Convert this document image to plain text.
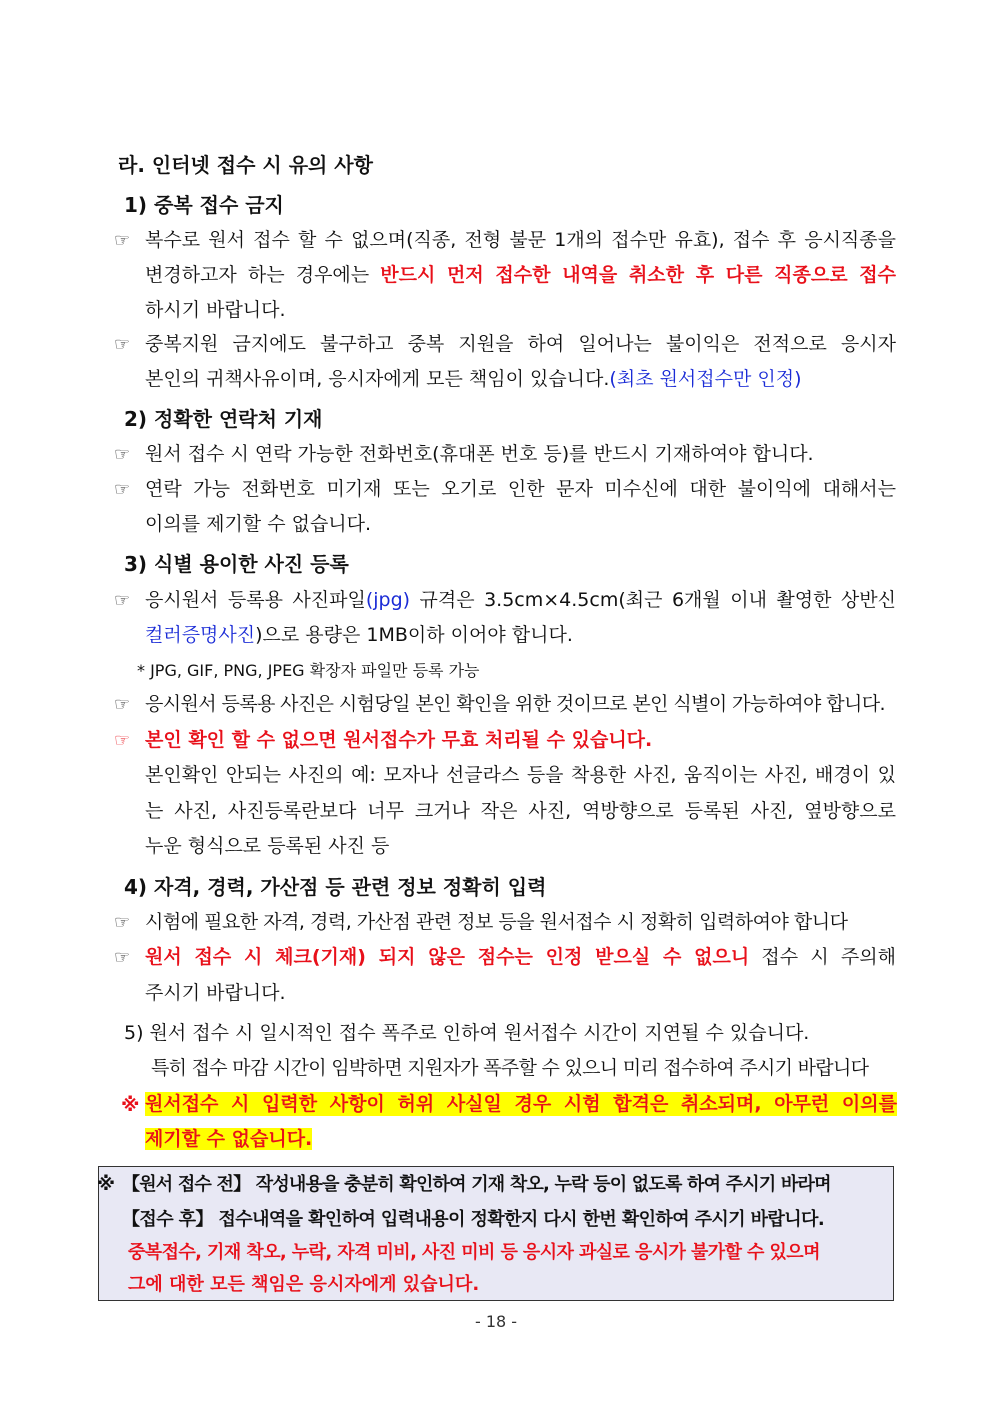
라. 인터넷 접수 시 유의 사항
1) 중복 접수 금지
☞ 복수로 원서 접수 할 수 없으며(직종, 전형 불문 1개의 접수만 유효), 접수 후 응시직종을
변경하고자 하는 경우에는 반드시 먼저 접수한 내역을 취소한 후 다른 직종으로 접수
하시기 바랍니다.
☞ 중복지원 금지에도 불구하고 중복 지원을 하여 일어나는 불이익은 전적으로 응시자
본인의 귀책사유이며, 응시자에게 모든 책임이 있습니다.(최초 원서접수만 인정)
2) 정확한 연락처 기재
☞ 원서 접수 시 연락 가능한 전화번호(휴대폰 번호 등)를 반드시 기재하여야 합니다.
☞ 연락 가능 전화번호 미기재 또는 오기로 인한 문자 미수신에 대한 불이익에 대해서는
이의를 제기할 수 없습니다.
3) 식별 용이한 사진 등록
☞ 응시원서 등록용 사진파일(jpg) 규격은 3.5cm×4.5cm(최근 6개월 이내 촬영한 상반신
컬러증명사진)으로 용량은 1MB이하 이어야 합니다.
* JPG, GIF, PNG, JPEG 확장자 파일만 등록 가능
☞ 응시원서 등록용 사진은 시험당일 본인 확인을 위한 것이므로 본인 식별이 가능하여야 합니다.
☞ 본인 확인 할 수 없으면 원서접수가 무효 처리될 수 있습니다.
본인확인 안되는 사진의 예: 모자나 선글라스 등을 착용한 사진, 움직이는 사진, 배경이 있
는 사진, 사진등록란보다 너무 크거나 작은 사진, 역방향으로 등록된 사진, 옆방향으로
누운 형식으로 등록된 사진 등
4) 자격, 경력, 가산점 등 관련 정보 정확히 입력
☞ 시험에 필요한 자격, 경력, 가산점 관련 정보 등을 원서접수 시 정확히 입력하여야 합니다
☞ 원서 접수 시 체크(기재) 되지 않은 점수는 인정 받으실 수 없으니 접수 시 주의해
주시기 바랍니다.
5) 원서 접수 시 일시적인 접수 폭주로 인하여 원서접수 시간이 지연될 수 있습니다.
특히 접수 마감 시간이 임박하면 지원자가 폭주할 수 있으니 미리 접수하여 주시기 바랍니다
※ 원서접수 시 입력한 사항이 허위 사실일 경우 시험 합격은 취소되며, 아무런 이의를
제기할 수 없습니다.
※ 【원서 접수 전】 작성내용을 충분히 확인하여 기재 착오, 누락 등이 없도록 하여 주시기 바라며
【접수 후】 접수내역을 확인하여 입력내용이 정확한지 다시 한번 확인하여 주시기 바랍니다.
중복접수, 기재 착오, 누락, 자격 미비, 사진 미비 등 응시자 과실로 응시가 불가할 수 있으며
그에 대한 모든 책임은 응시자에게 있습니다.
- 18 -
